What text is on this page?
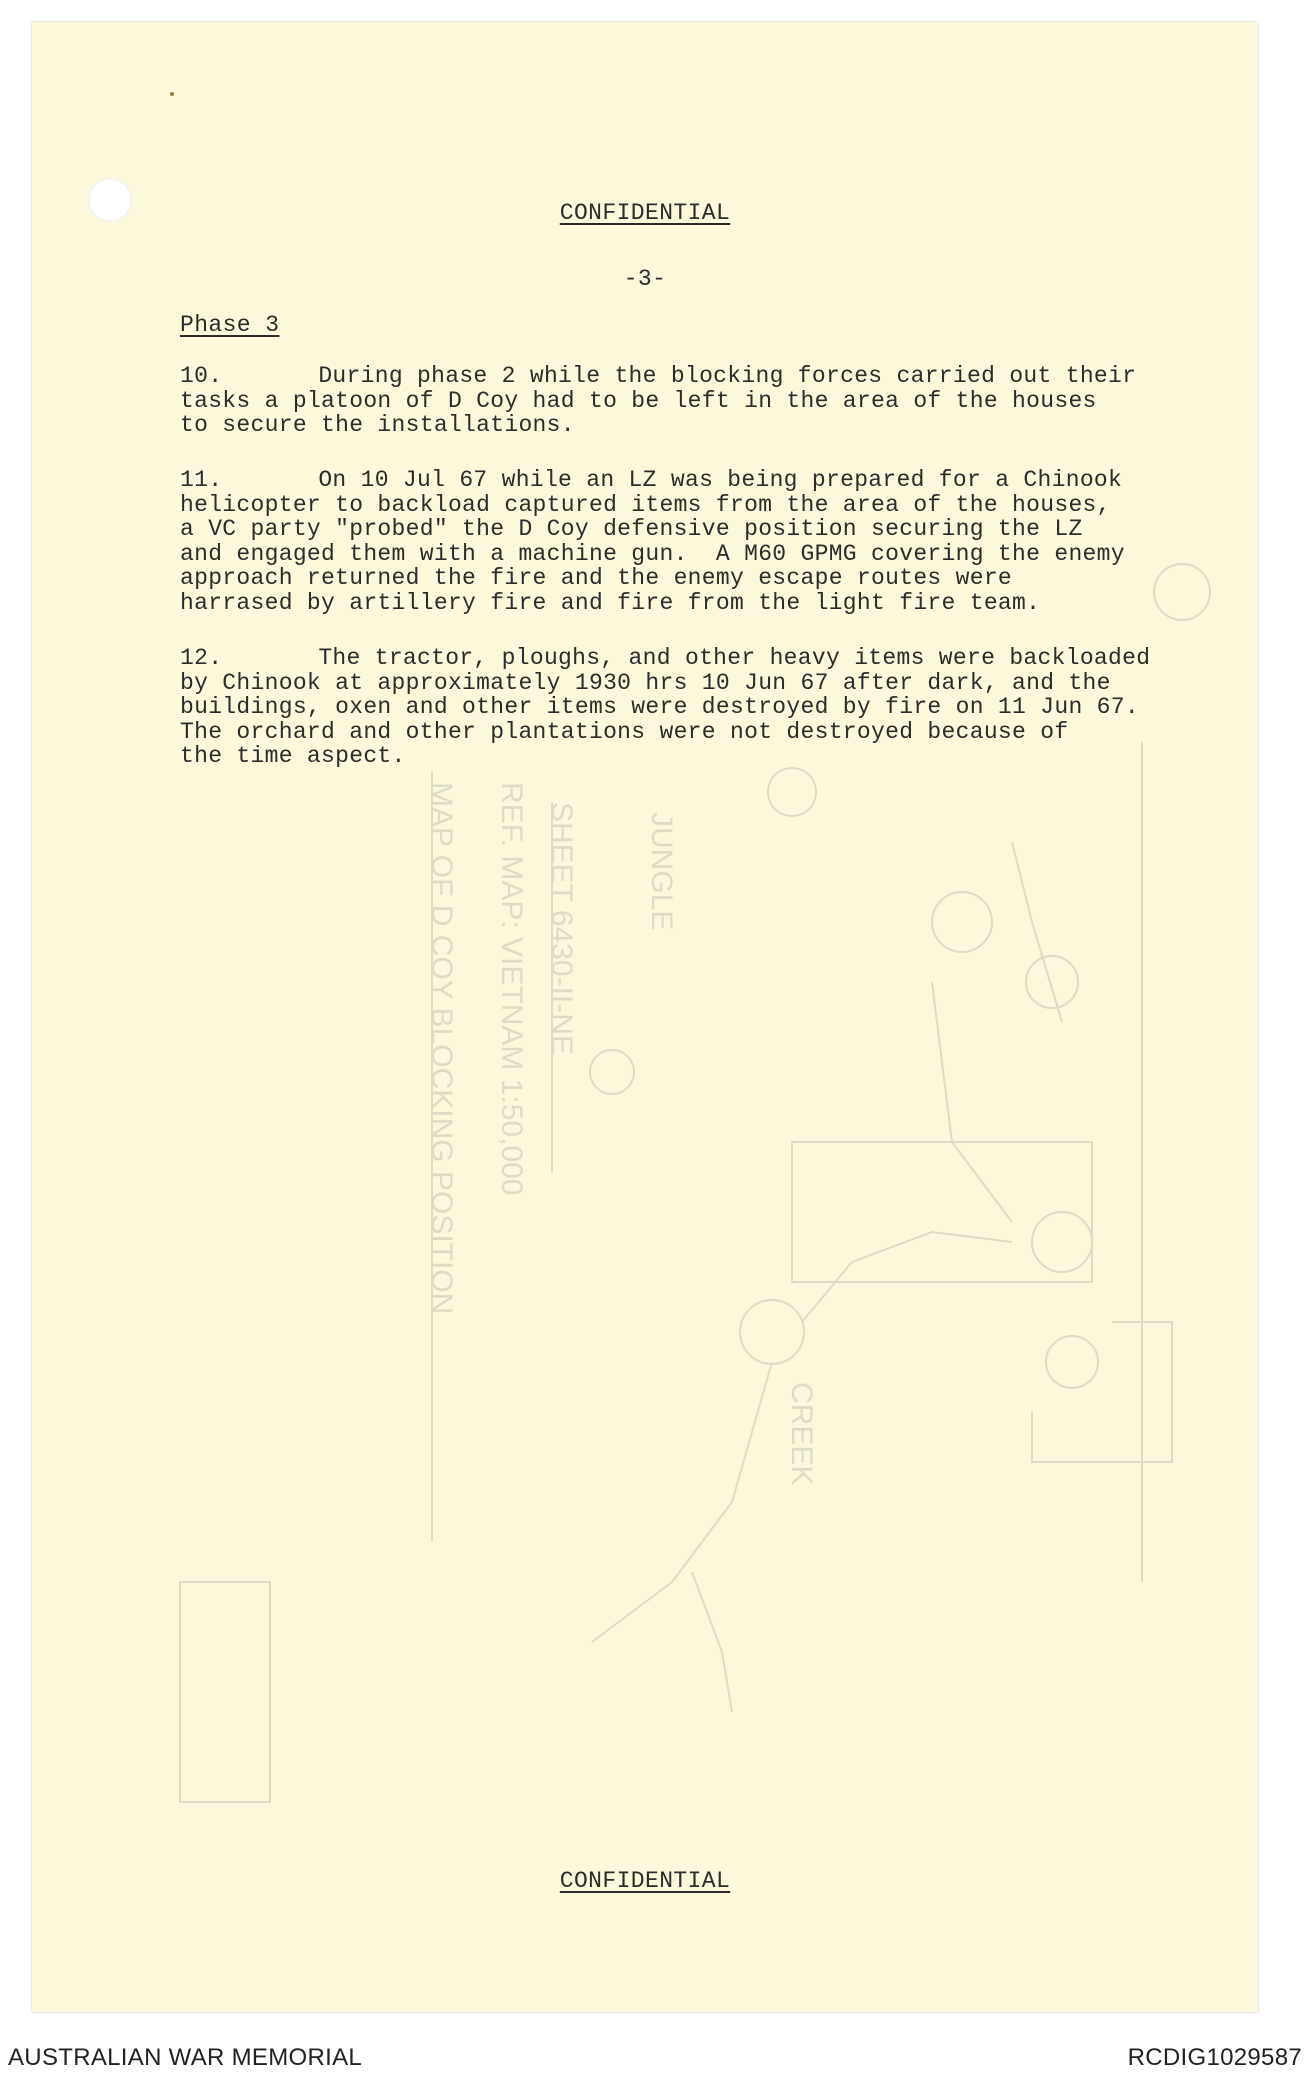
MAP OF D COY BLOCKING POSITION REF. MAP: VIETNAM 1:50,000 SHEET 6430-II-NE JUNGLE
CREEK
CONFIDENTIAL
-3-
Phase 3
10.	During phase 2 while the blocking forces carried out their
tasks a platoon of D Coy had to be left in the area of the houses
to secure the installations.
11.	On 10 Jul 67 while an LZ was being prepared for a Chinook
helicopter to backload captured items from the area of the houses,
a VC party "probed" the D Coy defensive position securing the LZ
and engaged them with a machine gun.  A M60 GPMG covering the enemy
approach returned the fire and the enemy escape routes were
harrased by artillery fire and fire from the light fire team.
12.	The tractor, ploughs, and other heavy items were backloaded
by Chinook at approximately 1930 hrs 10 Jun 67 after dark, and the
buildings, oxen and other items were destroyed by fire on 11 Jun 67.
The orchard and other plantations were not destroyed because of
the time aspect.
CONFIDENTIAL
AUSTRALIAN WAR MEMORIAL	RCDIG1029587
